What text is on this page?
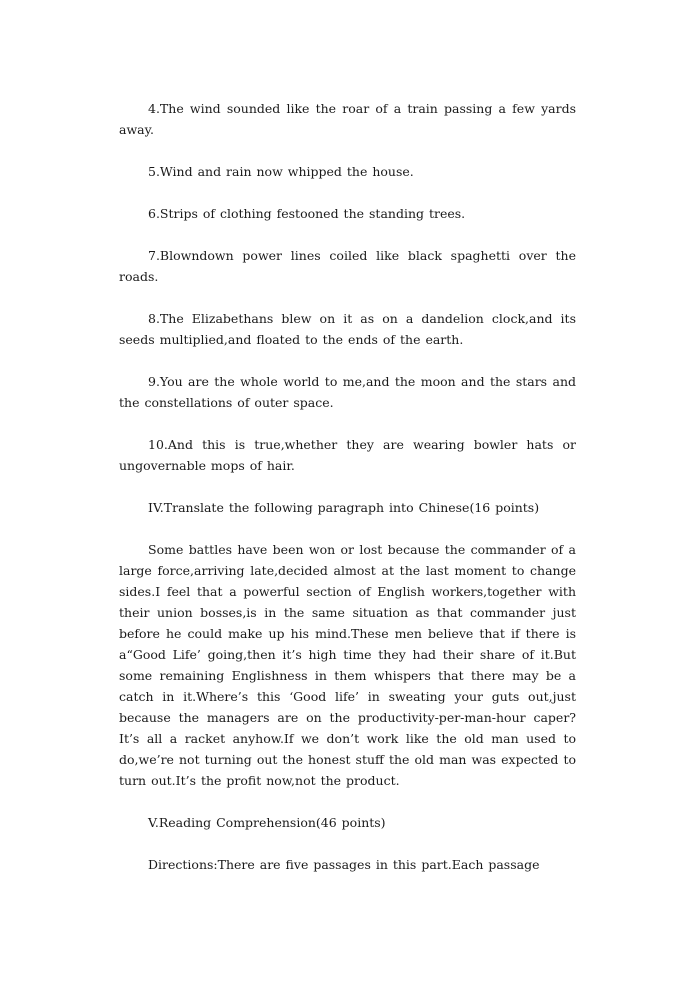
4.The wind sounded like the roar of a train passing a few yards away.

5.Wind and rain now whipped the house.

6.Strips of clothing festooned the standing trees.

7.Blowndown power lines coiled like black spaghetti over the roads.

8.The Elizabethans blew on it as on a dandelion clock,and its seeds multiplied,and floated to the ends of the earth.

9.You are the whole world to me,and the moon and the stars and the constellations of outer space.

10.And this is true,whether they are wearing bowler hats or ungovernable mops of hair.

IV.Translate the following paragraph into Chinese(16 points)

Some battles have been won or lost because the commander of a large force,arriving late,decided almost at the last moment to change sides.I feel that a powerful section of English workers,together with their union bosses,is in the same situation as that commander just before he could make up his mind.These men believe that if there is a“Good Life’ going,then it’s high time they had their share of it.But some remaining Englishness in them whispers that there may be a catch in it.Where’s this ‘Good life’ in sweating your guts out,just because the managers are on the productivity-per-man-hour caper?It’s all a racket anyhow.If we don’t work like the old man used to do,we’re not turning out the honest stuff the old man was expected to turn out.It’s the profit now,not the product.

V.Reading Comprehension(46 points)

Directions:There are five passages in this part.Each passage
